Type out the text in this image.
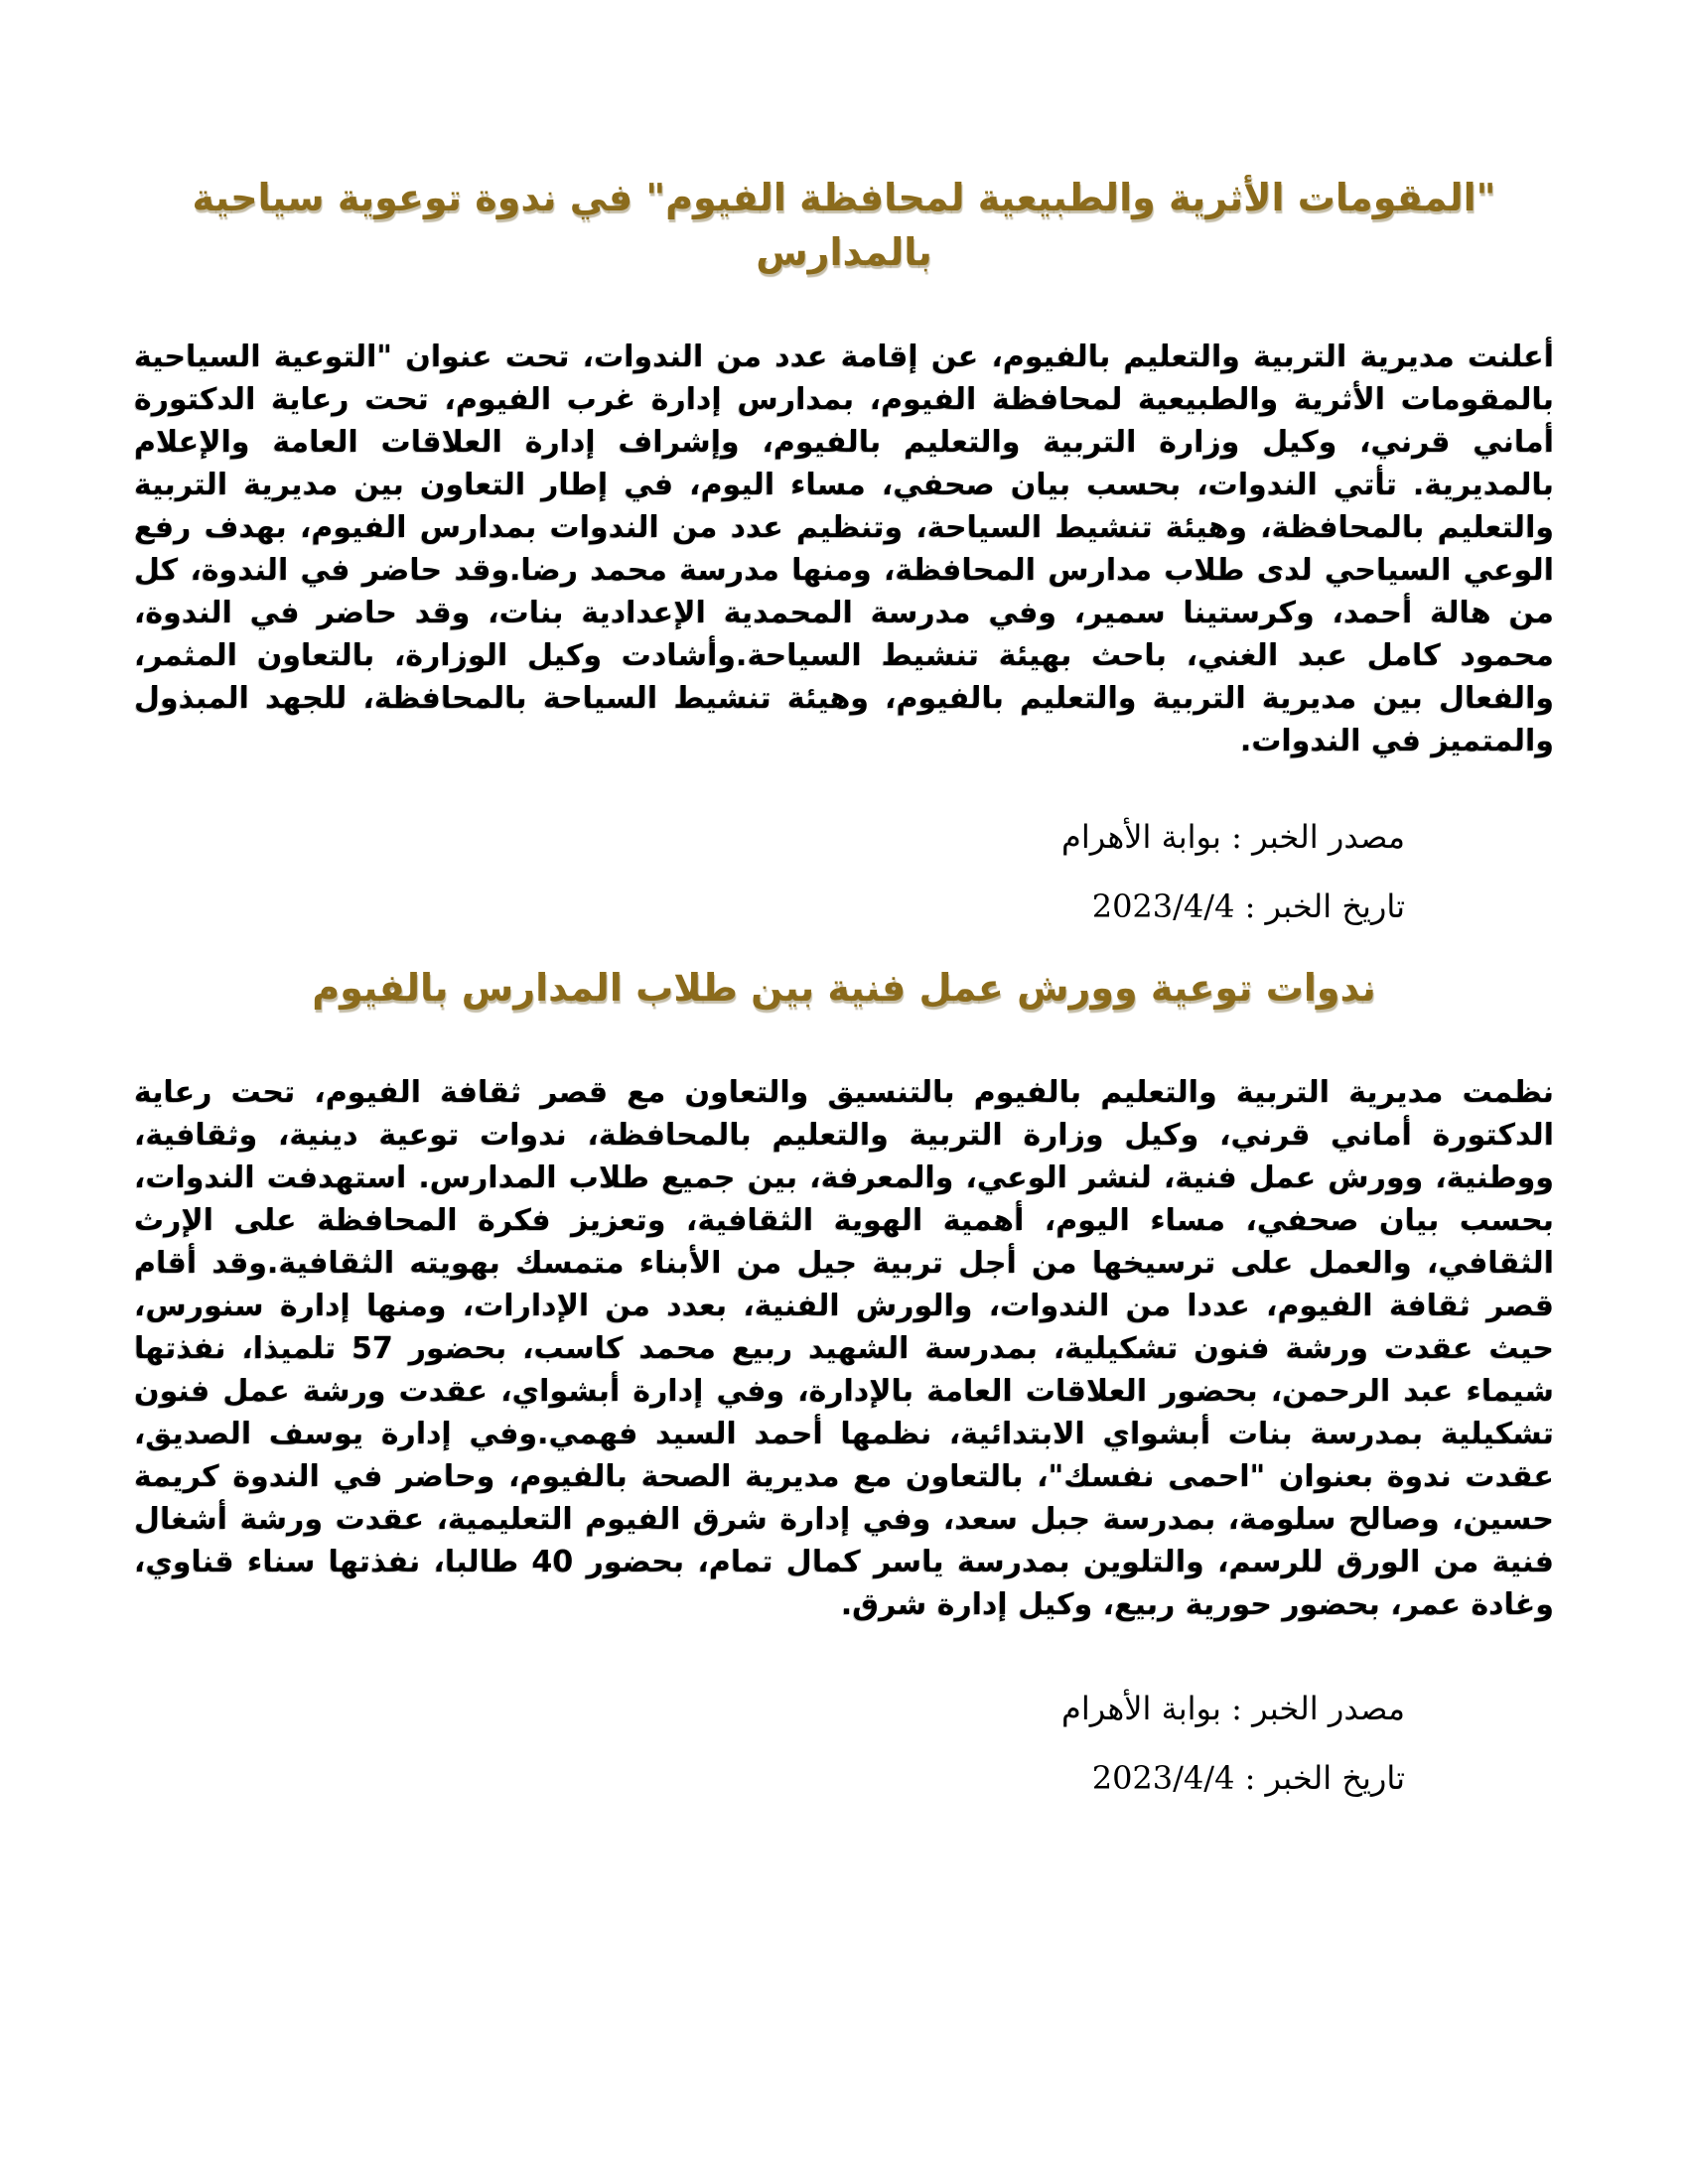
"المقومات الأثرية والطبيعية لمحافظة الفيوم" في ندوة توعوية سياحية بالمدارس

أعلنت مديرية التربية والتعليم بالفيوم، عن إقامة عدد من الندوات، تحت عنوان "التوعية السياحية بالمقومات الأثرية والطبيعية لمحافظة الفيوم، بمدارس إدارة غرب الفيوم، تحت رعاية الدكتورة أماني قرني، وكيل وزارة التربية والتعليم بالفيوم، وإشراف إدارة العلاقات العامة والإعلام بالمديرية. تأتي الندوات، بحسب بيان صحفي، مساء اليوم، في إطار التعاون بين مديرية التربية والتعليم بالمحافظة، وهيئة تنشيط السياحة، وتنظيم عدد من الندوات بمدارس الفيوم، بهدف رفع الوعي السياحي لدى طلاب مدارس المحافظة، ومنها مدرسة محمد رضا.وقد حاضر في الندوة، كل من هالة أحمد، وكرستينا سمير، وفي مدرسة المحمدية الإعدادية بنات، وقد حاضر في الندوة، محمود كامل عبد الغني، باحث بهيئة تنشيط السياحة.وأشادت وكيل الوزارة، بالتعاون المثمر، والفعال بين مديرية التربية والتعليم بالفيوم، وهيئة تنشيط السياحة بالمحافظة، للجهد المبذول والمتميز في الندوات.

مصدر الخبر : بوابة الأهرام

تاريخ الخبر : 2023/4/4

ندوات توعية وورش عمل فنية بين طلاب المدارس بالفيوم

نظمت مديرية التربية والتعليم بالفيوم بالتنسيق والتعاون مع قصر ثقافة الفيوم، تحت رعاية الدكتورة أماني قرني، وكيل وزارة التربية والتعليم بالمحافظة، ندوات توعية دينية، وثقافية، ووطنية، وورش عمل فنية، لنشر الوعي، والمعرفة، بين جميع طلاب المدارس. استهدفت الندوات، بحسب بيان صحفي، مساء اليوم، أهمية الهوية الثقافية، وتعزيز فكرة المحافظة على الإرث الثقافي، والعمل على ترسيخها من أجل تربية جيل من الأبناء متمسك بهويته الثقافية.وقد أقام قصر ثقافة الفيوم، عددا من الندوات، والورش الفنية، بعدد من الإدارات، ومنها إدارة سنورس، حيث عقدت ورشة فنون تشكيلية، بمدرسة الشهيد ربيع محمد كاسب، بحضور 57 تلميذا، نفذتها شيماء عبد الرحمن، بحضور العلاقات العامة بالإدارة، وفي إدارة أبشواي، عقدت ورشة عمل فنون تشكيلية بمدرسة بنات أبشواي الابتدائية، نظمها أحمد السيد فهمي.وفي إدارة يوسف الصديق، عقدت ندوة بعنوان "احمى نفسك"، بالتعاون مع مديرية الصحة بالفيوم، وحاضر في الندوة كريمة حسين، وصالح سلومة، بمدرسة جبل سعد، وفي إدارة شرق الفيوم التعليمية، عقدت ورشة أشغال فنية من الورق للرسم، والتلوين بمدرسة ياسر كمال تمام، بحضور 40 طالبا، نفذتها سناء قناوي، وغادة عمر، بحضور حورية ربيع، وكيل إدارة شرق.

مصدر الخبر : بوابة الأهرام

تاريخ الخبر : 2023/4/4
